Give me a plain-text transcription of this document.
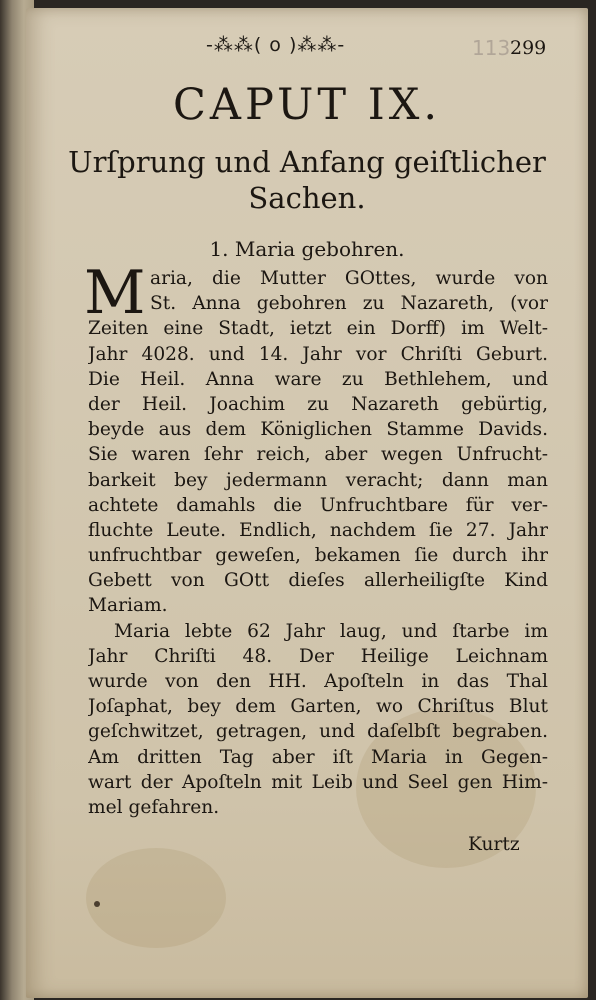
-⁂⁂( o )⁂⁂-	113 299
CAPUT IX.
Urſprung und Anfang geiſtlicher
Sachen.
1. Maria gebohren.
M aria, die Mutter GOttes, wurde von
St. Anna gebohren zu Nazareth, (vor
Zeiten eine Stadt, ietzt ein Dorff) im Welt-
Jahr 4028. und 14. Jahr vor Chriſti Geburt.
Die Heil. Anna ware zu Bethlehem, und
der Heil. Joachim zu Nazareth gebürtig,
beyde aus dem Königlichen Stamme Davids.
Sie waren ſehr reich, aber wegen Unfrucht-
barkeit bey jedermann veracht; dann man
achtete damahls die Unfruchtbare für ver-
fluchte Leute. Endlich, nachdem ſie 27. Jahr
unfruchtbar geweſen, bekamen ſie durch ihr
Gebett von GOtt dieſes allerheiligſte Kind
Mariam.
Maria lebte 62 Jahr laug, und ſtarbe im
Jahr Chriſti 48. Der Heilige Leichnam
wurde von den HH. Apoſteln in das Thal
Joſaphat, bey dem Garten, wo Chriſtus Blut
geſchwitzet, getragen, und daſelbſt begraben.
Am dritten Tag aber iſt Maria in Gegen-
wart der Apoſteln mit Leib und Seel gen Him-
mel gefahren.
Kurtz
